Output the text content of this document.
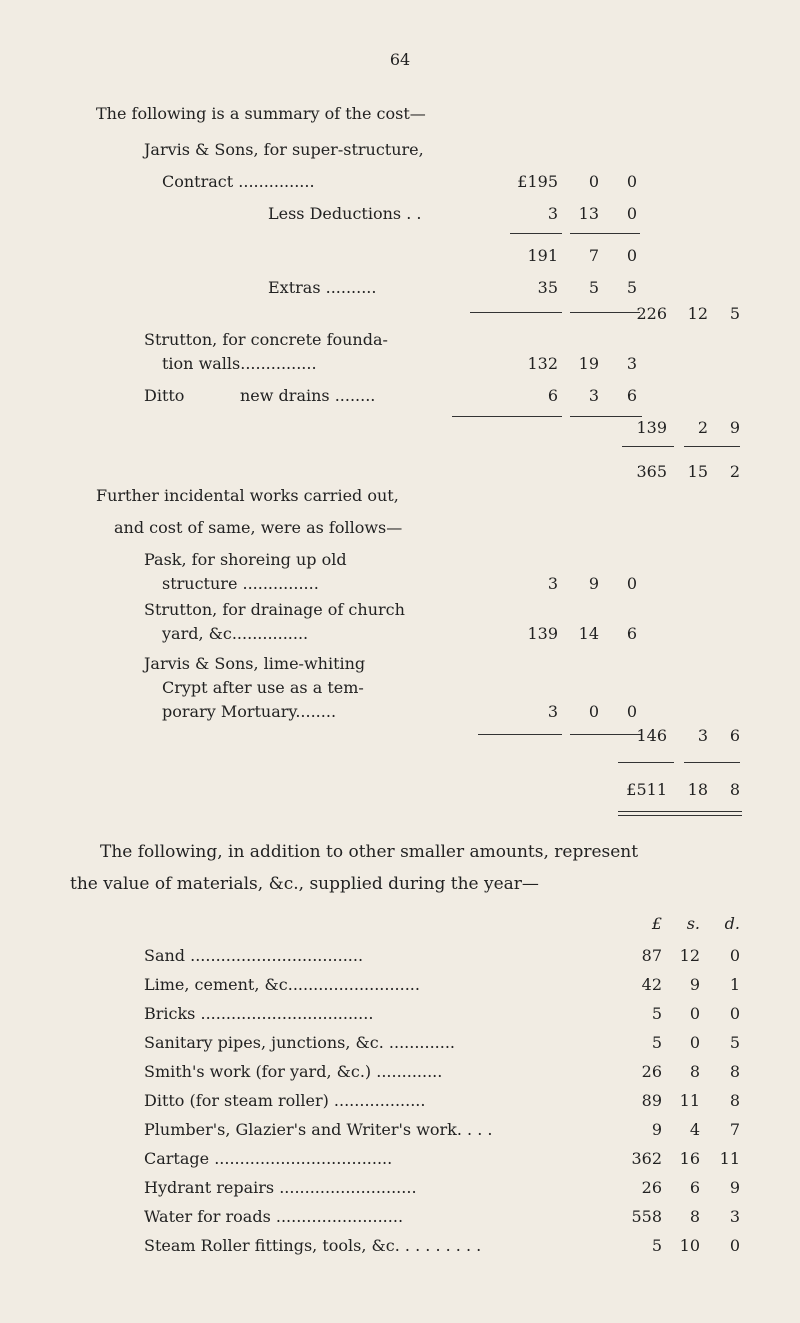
64
The following is a summary of the cost—
Jarvis & Sons, for super-structure,
Contract ...............	£195	0	0
Less Deductions . .	3	13	0
191	7	0
Extras ..........	35	5	5
226	12	5
Strutton, for concrete founda-
tion walls...............	132	19	3
Ditto	new drains ........	6	3	6
139	2	9
365	15	2
Further incidental works carried out,
and cost of same, were as follows—
Pask, for shoreing up old
structure ...............	3	9	0
Strutton, for drainage of church
yard, &c...............	139	14	6
Jarvis & Sons, lime-whiting
Crypt after use as a tem-
porary Mortuary........	3	0	0
146	3	6
£511	18	8
The following, in addition to other smaller amounts, represent
the value of materials, &c., supplied during the year—
£	s.	d.
Sand ..................................	87	12	0
Lime, cement, &c..........................	42	9	1
Bricks ..................................	5	0	0
Sanitary pipes, junctions, &c. .............	5	0	5
Smith's work (for yard, &c.) .............	26	8	8
Ditto (for steam roller) ..................	89	11	8
Plumber's, Glazier's and Writer's work. . . .	9	4	7
Cartage ...................................	362	16	11
Hydrant repairs ...........................	26	6	9
Water for roads .........................	558	8	3
Steam Roller fittings, tools, &c. . . . . . . . .	5	10	0
